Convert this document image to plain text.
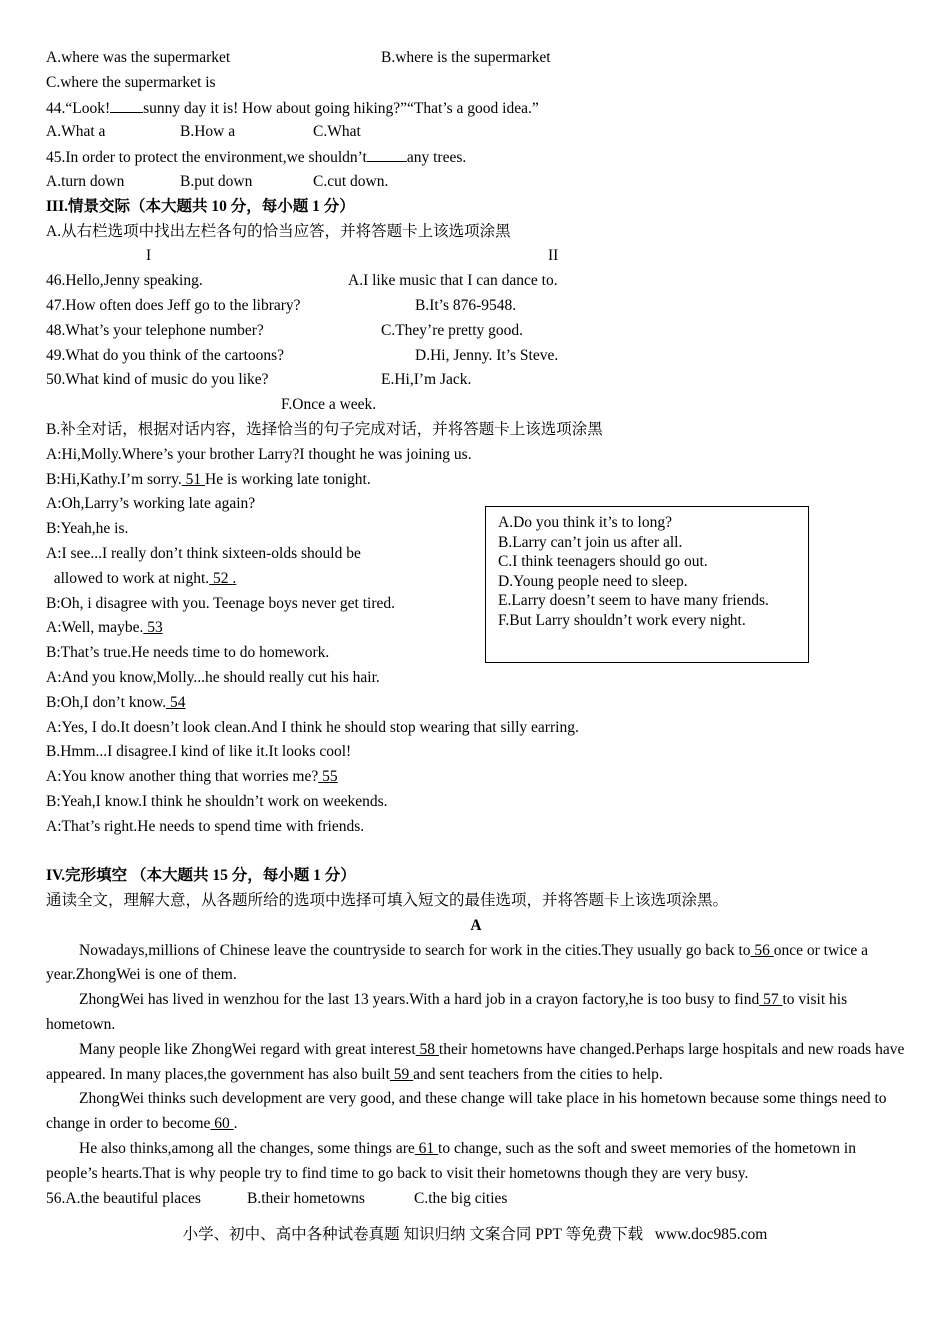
A.where was the supermarket	B.where is the supermarket
C.where the supermarket is
44.“Look! sunny day it is! How about going hiking?”“That’s a good idea.”
A.What a	B.How a	C.What
45.In order to protect the environment,we shouldn’t	any trees.
A.turn down	B.put down	C.cut down.
III.情景交际（本大题共 10 分，每小题 1 分）
A.从右栏选项中找出左栏各句的恰当应答，并将答题卡上该选项涂黑
I	II
46.Hello,Jenny speaking.	A.I like music that I can dance to.
47.How often does Jeff go to the library?	B.It’s 876-9548.
48.What’s your telephone number?	C.They’re pretty good.
49.What do you think of the cartoons?	D.Hi, Jenny. It’s Steve.
50.What kind of music do you like?	E.Hi,I’m Jack.
F.Once a week.
B.补全对话，根据对话内容，选择恰当的句子完成对话，并将答题卡上该选项涂黑
A:Hi,Molly.Where’s your brother Larry?I thought he was joining us.
B:Hi,Kathy.I’m sorry. 51 He is working late tonight.
A:Oh,Larry’s working late again?
B:Yeah,he is.
A:I see...I really don’t think sixteen-olds should be
allowed to work at night. 52 .
B:Oh, i disagree with you. Teenage boys never get tired.
A:Well, maybe. 53
B:That’s true.He needs time to do homework.
A:And you know,Molly...he should really cut his hair.
B:Oh,I don’t know. 54
A:Yes, I do.It doesn’t look clean.And I think he should stop wearing that silly earring.
B.Hmm...I disagree.I kind of like it.It looks cool!
A:You know another thing that worries me? 55
B:Yeah,I know.I think he shouldn’t work on weekends.
A:That’s right.He needs to spend time with friends.
IV.完形填空 （本大题共 15 分，每小题 1 分）
通读全文，理解大意，从各题所给的选项中选择可填入短文的最佳选项，并将答题卡上该选项涂黑。
A

Nowadays,millions of Chinese leave the countryside to search for work in the cities.They usually go back to 56 once or twice a year.ZhongWei is one of them.

ZhongWei has lived in wenzhou for the last 13 years.With a hard job in a crayon factory,he is too busy to find 57 to visit his hometown.

Many people like ZhongWei regard with great interest 58 their hometowns have changed.Perhaps large hospitals and new roads have appeared. In many places,the government has also built 59 and sent teachers from the cities to help.

ZhongWei thinks such development are very good, and these change will take place in his hometown because some things need to change in order to become 60 .

He also thinks,among all the changes, some things are 61 to change, such as the soft and sweet memories of the hometown in people’s hearts.That is why people try to find time to go back to visit their hometowns though they are very busy.

56.A.the beautiful places	B.their hometowns	C.the big cities
A.Do you think it’s to long?
B.Larry can’t join us after all.
C.I think teenagers should go out.
D.Young people need to sleep.
E.Larry doesn’t seem to have many friends.
F.But Larry shouldn’t work every night.
小学、初中、高中各种试卷真题 知识归纳 文案合同 PPT 等免费下载   www.doc985.com
